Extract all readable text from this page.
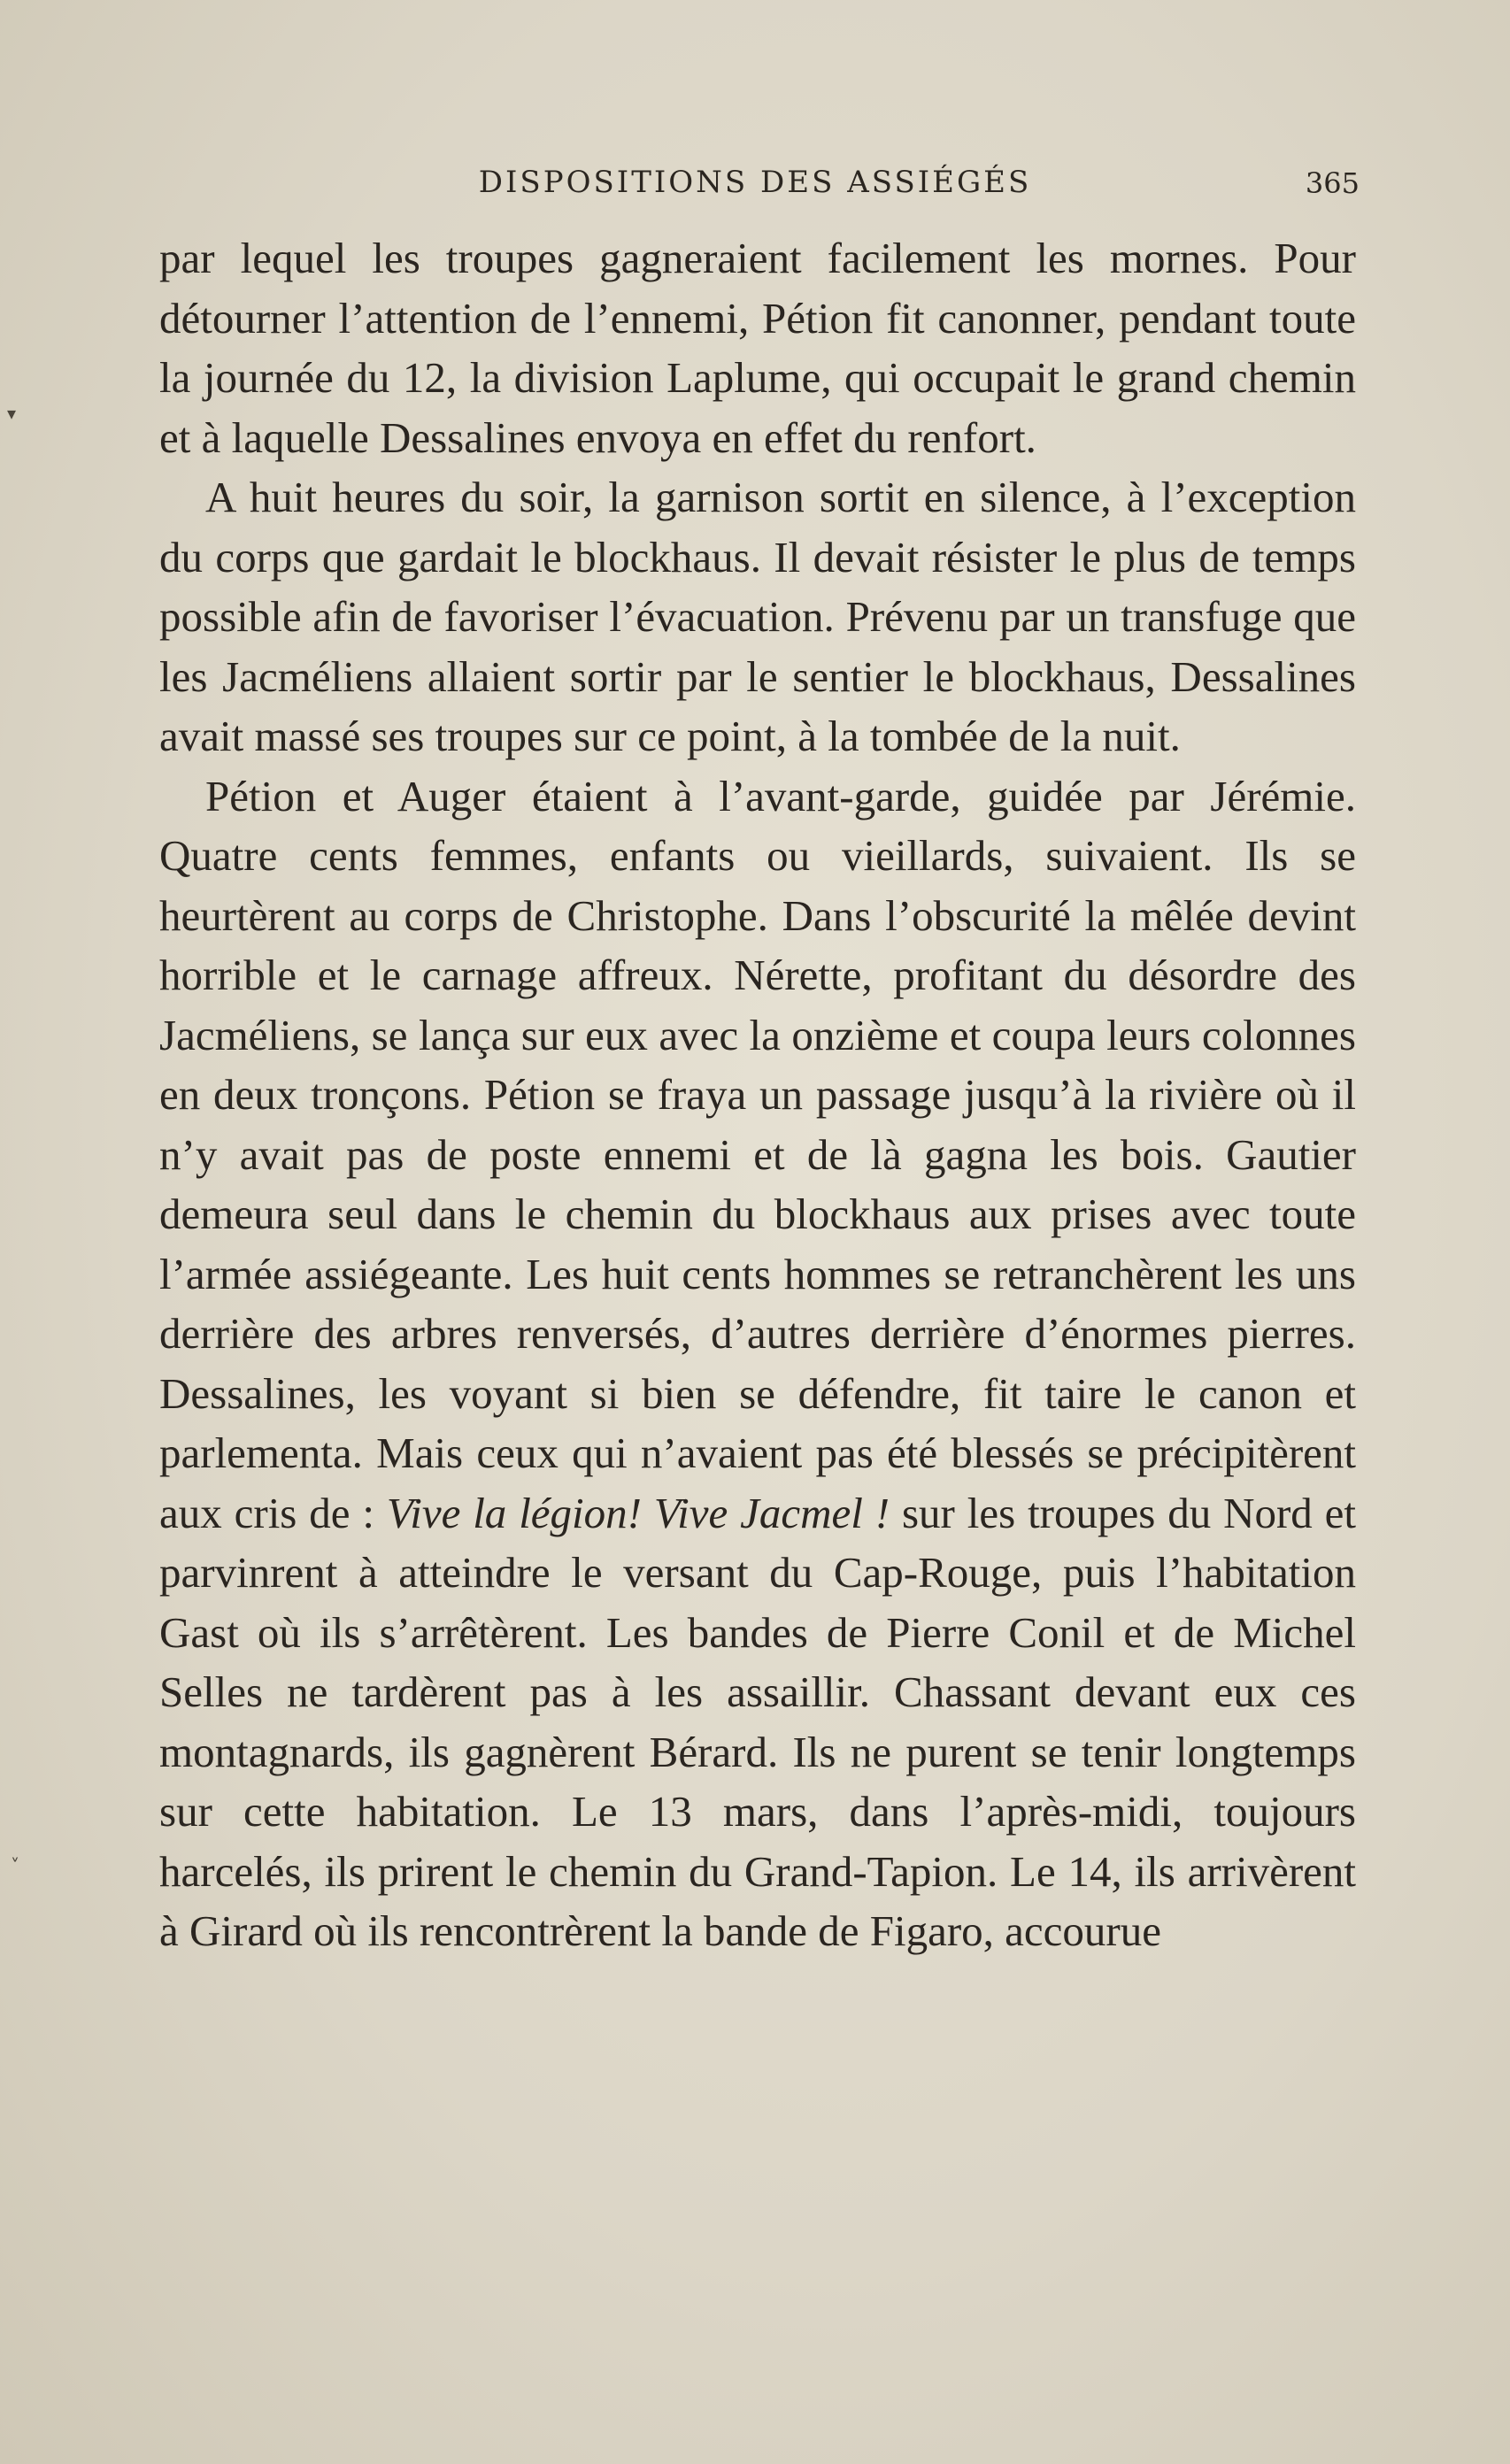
DISPOSITIONS DES ASSIÉGÉS	365
▾
˅

par lequel les troupes gagneraient facilement les mornes. Pour détourner l’attention de l’ennemi, Pétion fit canonner, pendant toute la journée du 12, la division Laplume, qui occupait le grand chemin et à laquelle Dessalines envoya en effet du renfort.

A huit heures du soir, la garnison sortit en silence, à l’exception du corps que gardait le blockhaus. Il devait résister le plus de temps possible afin de favoriser l’évacuation. Prévenu par un transfuge que les Jacméliens allaient sortir par le sentier le blockhaus, Dessalines avait massé ses troupes sur ce point, à la tombée de la nuit.

Pétion et Auger étaient à l’avant-garde, guidée par Jérémie. Quatre cents femmes, enfants ou vieillards, suivaient. Ils se heurtèrent au corps de Christophe. Dans l’obscurité la mêlée devint horrible et le carnage affreux. Nérette, profitant du désordre des Jacméliens, se lança sur eux avec la onzième et coupa leurs colonnes en deux tronçons. Pétion se fraya un passage jusqu’à la rivière où il n’y avait pas de poste ennemi et de là gagna les bois. Gautier demeura seul dans le chemin du blockhaus aux prises avec toute l’armée assiégeante. Les huit cents hommes se retranchèrent les uns derrière des arbres renversés, d’autres derrière d’énormes pierres. Dessalines, les voyant si bien se défendre, fit taire le canon et parlementa. Mais ceux qui n’avaient pas été blessés se précipitèrent aux cris de : Vive la légion! Vive Jacmel ! sur les troupes du Nord et parvinrent à atteindre le versant du Cap-Rouge, puis l’habitation Gast où ils s’arrêtèrent. Les bandes de Pierre Conil et de Michel Selles ne tardèrent pas à les assaillir. Chassant devant eux ces montagnards, ils gagnèrent Bérard. Ils ne purent se tenir longtemps sur cette habitation. Le 13 mars, dans l’après-midi, toujours harcelés, ils prirent le chemin du Grand-Tapion. Le 14, ils arrivèrent à Girard où ils rencontrèrent la bande de Figaro, accourue
